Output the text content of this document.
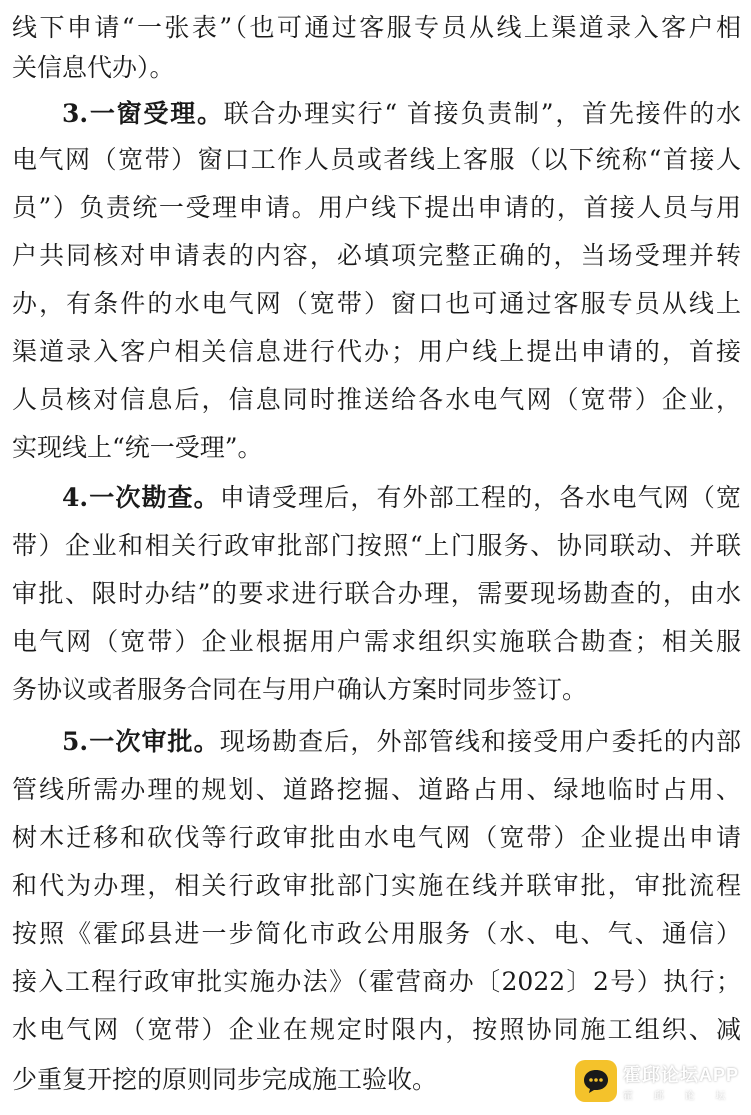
线下申请“一张表”（也可通过客服专员从线上渠道录入客户相
关信息代办）。
3.一窗受理。联合办理实行“ 首接负责制”，首先接件的水
电气网（宽带）窗口工作人员或者线上客服（以下统称“首接人
员”）负责统一受理申请。用户线下提出申请的，首接人员与用
户共同核对申请表的内容，必填项完整正确的，当场受理并转
办，有条件的水电气网（宽带）窗口也可通过客服专员从线上
渠道录入客户相关信息进行代办；用户线上提出申请的，首接
人员核对信息后，信息同时推送给各水电气网（宽带）企业，
实现线上“统一受理”。
4.一次勘查。申请受理后，有外部工程的，各水电气网（宽
带）企业和相关行政审批部门按照“上门服务、协同联动、并联
审批、限时办结”的要求进行联合办理，需要现场勘查的，由水
电气网（宽带）企业根据用户需求组织实施联合勘查；相关服
务协议或者服务合同在与用户确认方案时同步签订。
5.一次审批。现场勘查后，外部管线和接受用户委托的内部
管线所需办理的规划、道路挖掘、道路占用、绿地临时占用、
树木迁移和砍伐等行政审批由水电气网（宽带）企业提出申请
和代为办理，相关行政审批部门实施在线并联审批，审批流程
按照《霍邱县进一步简化市政公用服务（水、电、气、通信）
接入工程行政审批实施办法》（霍营商办〔2022〕2号）执行；
水电气网（宽带）企业在规定时限内，按照协同施工组织、减
少重复开挖的原则同步完成施工验收。	霍邱论坛APP
霍 邱 论 坛
